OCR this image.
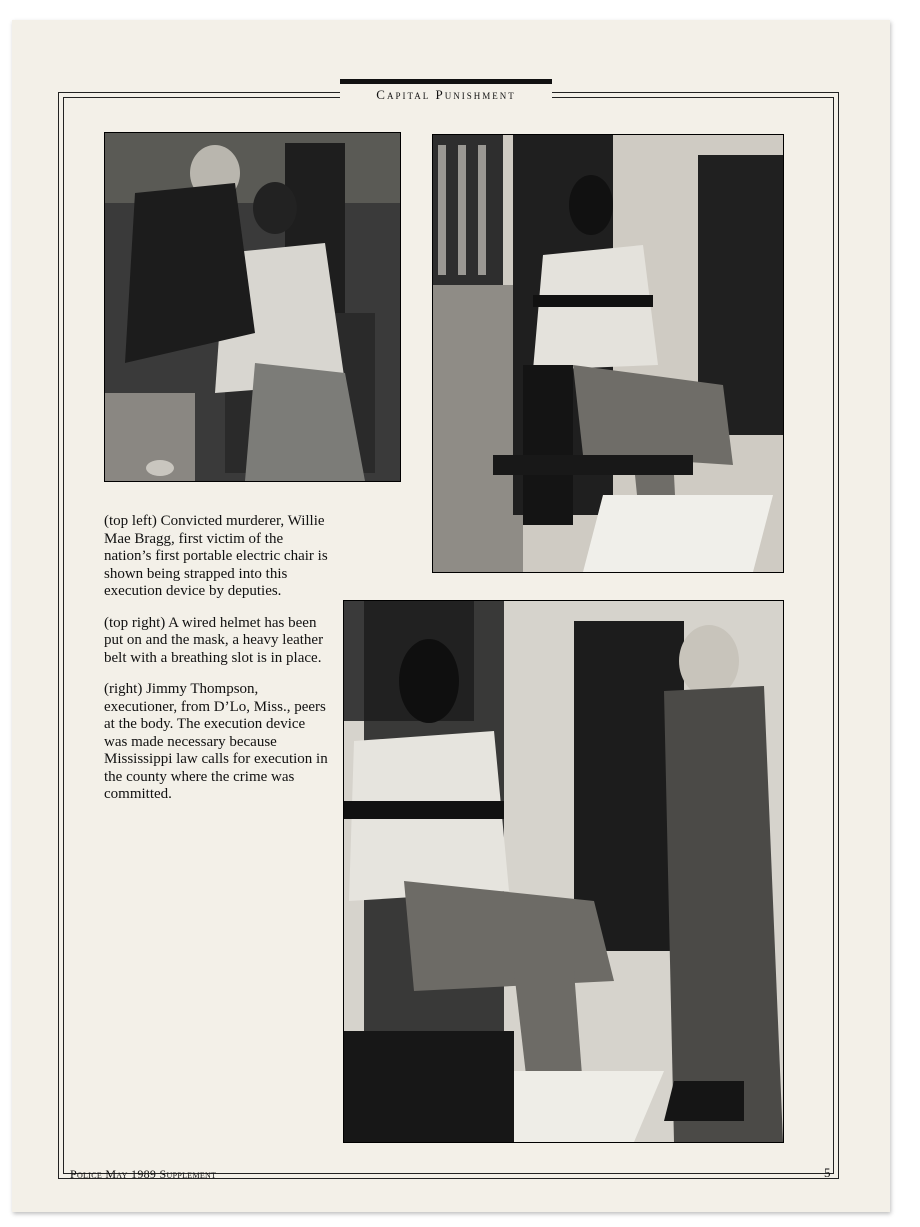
Capital Punishment

(top left) Convicted murderer, Willie Mae Bragg, first victim of the nation’s first portable electric chair is shown being strapped into this execution device by deputies.

(top right) A wired helmet has been put on and the mask, a heavy leather belt with a breathing slot is in place.

(right) Jimmy Thompson, executioner, from D’Lo, Miss., peers at the body. The execution device was made necessary because Mississippi law calls for execution in the county where the crime was committed.

Police May 1989 Supplement	5
